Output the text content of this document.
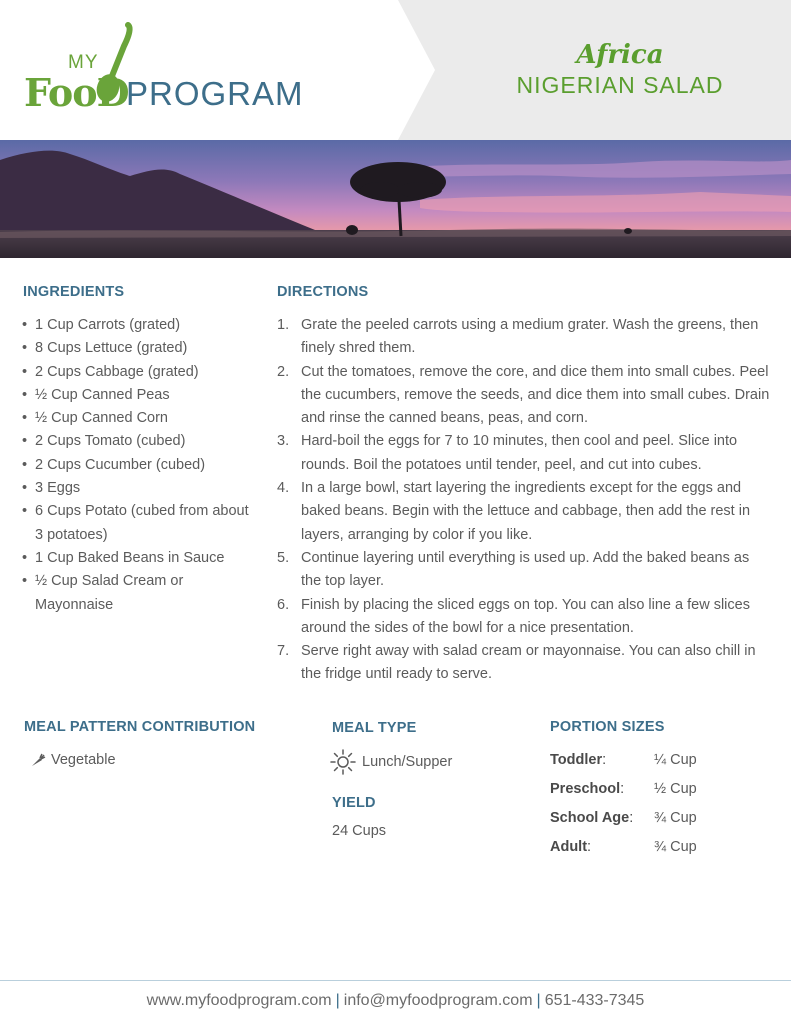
MY
FooD
PROGRAM
Africa
NIGERIAN SALAD
INGREDIENTS
• 1 Cup Carrots (grated)
• 8 Cups Lettuce (grated)
• 2 Cups Cabbage (grated)
• ½ Cup Canned Peas
• ½ Cup Canned Corn
• 2 Cups Tomato (cubed)
• 2 Cups Cucumber (cubed)
• 3 Eggs
• 6 Cups Potato (cubed from about 3 potatoes)
• 1 Cup Baked Beans in Sauce
• ½ Cup Salad Cream or Mayonnaise
DIRECTIONS
1. Grate the peeled carrots using a medium grater. Wash the greens, then finely shred them.
2. Cut the tomatoes, remove the core, and dice them into small cubes. Peel the cucumbers, remove the seeds, and dice them into small cubes. Drain and rinse the canned beans, peas, and corn.
3. Hard-boil the eggs for 7 to 10 minutes, then cool and peel. Slice into rounds. Boil the potatoes until tender, peel, and cut into cubes.
4. In a large bowl, start layering the ingredients except for the eggs and baked beans. Begin with the lettuce and cabbage, then add the rest in layers, arranging by color if you like.
5. Continue layering until everything is used up. Add the baked beans as the top layer.
6. Finish by placing the sliced eggs on top. You can also line a few slices around the sides of the bowl for a nice presentation.
7. Serve right away with salad cream or mayonnaise. You can also chill in the fridge until ready to serve.
MEAL PATTERN CONTRIBUTION
Vegetable
MEAL TYPE
Lunch/Supper
YIELD
24 Cups
PORTION SIZES
Toddler:	¼ Cup
Preschool: ½ Cup
School Age: ¾ Cup
Adult:	¾ Cup
www.myfoodprogram.com | info@myfoodprogram.com | 651-433-7345
